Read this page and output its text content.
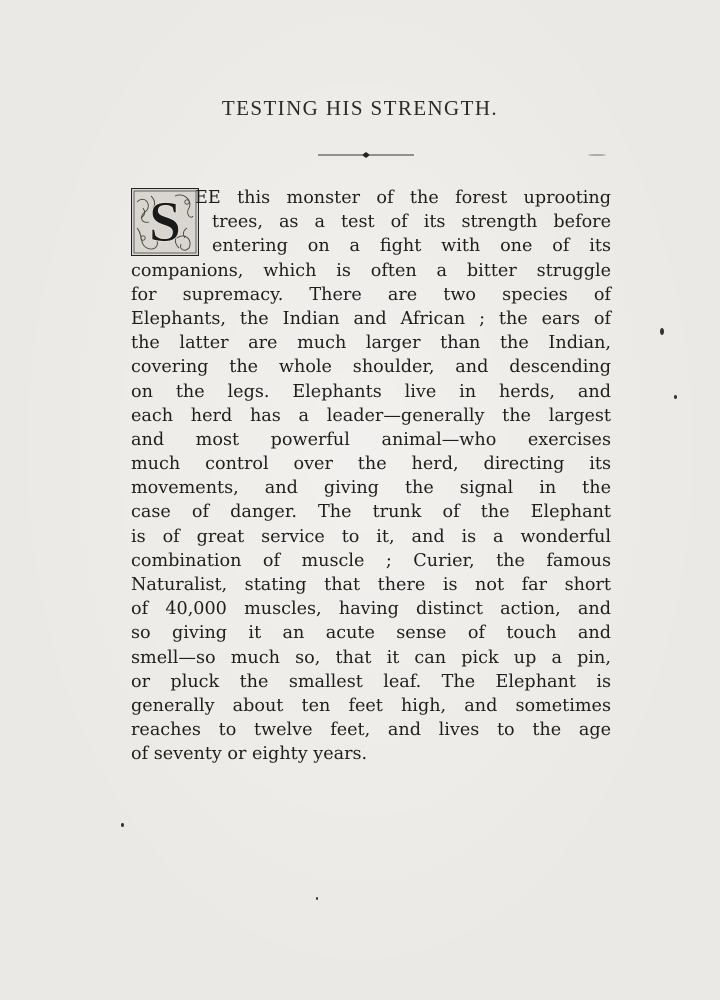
TESTING HIS STRENGTH.
S EE this monster of the forest uprooting
trees, as a test of its strength before
entering on a fight with one of its
companions, which is often a bitter struggle
for supremacy. There are two species of
Elephants, the Indian and African ; the ears of
the latter are much larger than the Indian,
covering the whole shoulder, and descending
on the legs. Elephants live in herds, and
each herd has a leader—generally the largest
and most powerful animal—who exercises
much control over the herd, directing its
movements, and giving the signal in the
case of danger. The trunk of the Elephant
is of great service to it, and is a wonderful
combination of muscle ; Curier, the famous
Naturalist, stating that there is not far short
of 40,000 muscles, having distinct action, and
so giving it an acute sense of touch and
smell—so much so, that it can pick up a pin,
or pluck the smallest leaf. The Elephant is
generally about ten feet high, and sometimes
reaches to twelve feet, and lives to the age
of seventy or eighty years.
